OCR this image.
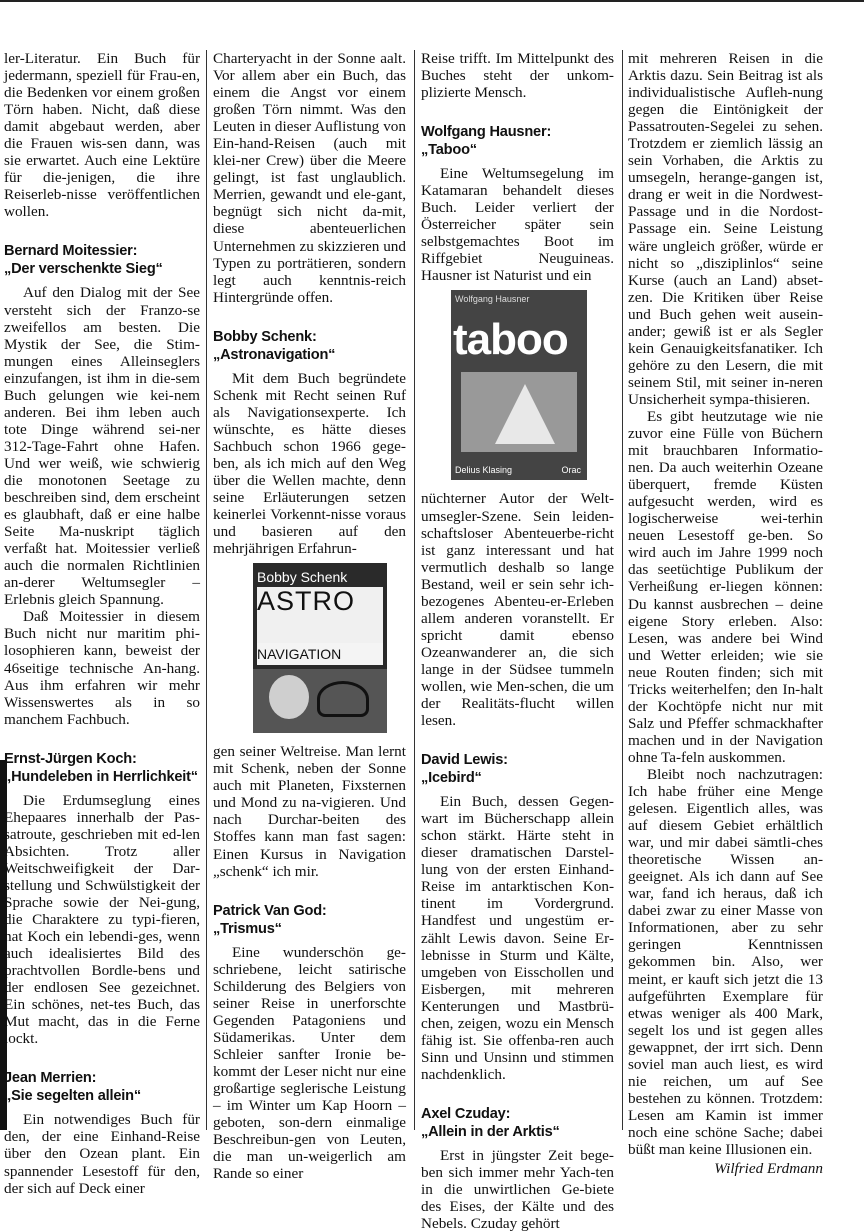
ler-Literatur. Ein Buch für jedermann, speziell für Frau-en, die Bedenken vor einem großen Törn haben. Nicht, daß diese damit abgebaut werden, aber die Frauen wis-sen dann, was sie erwartet. Auch eine Lektüre für die-jenigen, die ihre Reiserleb-nisse veröffentlichen wollen.

Bernard Moitessier:
„Der verschenkte Sieg“

Auf den Dialog mit der See versteht sich der Franzo-se zweifellos am besten. Die Mystik der See, die Stim-mungen eines Alleinseglers einzufangen, ist ihm in die-sem Buch gelungen wie kei-nem anderen. Bei ihm leben auch tote Dinge während sei-ner 312-Tage-Fahrt ohne Hafen. Und wer weiß, wie schwierig die monotonen Seetage zu beschreiben sind, dem erscheint es glaubhaft, daß er eine halbe Seite Ma-nuskript täglich verfaßt hat. Moitessier verließ auch die normalen Richtlinien an-derer Weltumsegler – Erlebnis gleich Spannung.

Daß Moitessier in diesem Buch nicht nur maritim phi-losophieren kann, beweist der 46seitige technische An-hang. Aus ihm erfahren wir mehr Wissenswertes als in so manchem Fachbuch.

Ernst-Jürgen Koch:
„Hundeleben in Herrlichkeit“

Die Erdumseglung eines Ehepaares innerhalb der Pas-satroute, geschrieben mit ed-len Absichten. Trotz aller Weitschweifigkeit der Dar-stellung und Schwülstigkeit der Sprache sowie der Nei-gung, die Charaktere zu typi-fieren, hat Koch ein lebendi-ges, wenn auch idealisiertes Bild des prachtvollen Bordle-bens und der endlosen See gezeichnet. Ein schönes, net-tes Buch, das Mut macht, das in die Ferne lockt.

Jean Merrien:
„Sie segelten allein“

Ein notwendiges Buch für den, der eine Einhand-Reise über den Ozean plant. Ein spannender Lesestoff für den, der sich auf Deck einer

Charteryacht in der Sonne aalt. Vor allem aber ein Buch, das einem die Angst vor einem großen Törn nimmt. Was den Leuten in dieser Auflistung von Ein-hand-Reisen (auch mit klei-ner Crew) über die Meere gelingt, ist fast unglaublich. Merrien, gewandt und ele-gant, begnügt sich nicht da-mit, diese abenteuerlichen Unternehmen zu skizzieren und Typen zu porträtieren, sondern legt auch kenntnis-reich Hintergründe offen.

Bobby Schenk:
„Astronavigation“

Mit dem Buch begründete Schenk mit Recht seinen Ruf als Navigationsexperte. Ich wünschte, es hätte dieses Sachbuch schon 1966 gege-ben, als ich mich auf den Weg über die Wellen machte, denn seine Erläuterungen setzen keinerlei Vorkennt-nisse voraus und basieren auf den mehrjährigen Erfahrun-

Bobby Schenk
ASTRO
NAVIGATION

gen seiner Weltreise. Man lernt mit Schenk, neben der Sonne auch mit Planeten, Fixsternen und Mond zu na-vigieren. Und nach Durchar-beiten des Stoffes kann man fast sagen: Einen Kursus in Navigation „schenk“ ich mir.

Patrick Van God:
„Trismus“

Eine wunderschön ge-schriebene, leicht satirische Schilderung des Belgiers von seiner Reise in unerforschte Gegenden Patagoniens und Südamerikas. Unter dem Schleier sanfter Ironie be-kommt der Leser nicht nur eine großartige seglerische Leistung – im Winter um Kap Hoorn – geboten, son-dern einmalige Beschreibun-gen von Leuten, die man un-weigerlich am Rande so einer

Reise trifft. Im Mittelpunkt des Buches steht der unkom-plizierte Mensch.

Wolfgang Hausner:
„Taboo“

Eine Weltumsegelung im Katamaran behandelt dieses Buch. Leider verliert der Österreicher später sein selbstgemachtes Boot im Riffgebiet Neuguineas. Hausner ist Naturist und ein

Wolfgang Hausner
taboo
Delius Klasing	Orac

nüchterner Autor der Welt-umsegler-Szene. Sein leiden-schaftsloser Abenteuerbe-richt ist ganz interessant und hat vermutlich deshalb so lange Bestand, weil er sein sehr ich-bezogenes Abenteu-er-Erleben allem anderen voranstellt. Er spricht damit ebenso Ozeanwanderer an, die sich lange in der Südsee tummeln wollen, wie Men-schen, die um der Realitäts-flucht willen lesen.

David Lewis:
„Icebird“

Ein Buch, dessen Gegen-wart im Bücherschapp allein schon stärkt. Härte steht in dieser dramatischen Darstel-lung von der ersten Einhand-Reise im antarktischen Kon-tinent im Vordergrund. Handfest und ungestüm er-zählt Lewis davon. Seine Er-lebnisse in Sturm und Kälte, umgeben von Eisschollen und Eisbergen, mit mehreren Kenterungen und Mastbrü-chen, zeigen, wozu ein Mensch fähig ist. Sie offenba-ren auch Sinn und Unsinn und stimmen nachdenklich.

Axel Czuday:
„Allein in der Arktis“

Erst in jüngster Zeit bege-ben sich immer mehr Yach-ten in die unwirtlichen Ge-biete des Eises, der Kälte und des Nebels. Czuday gehört

mit mehreren Reisen in die Arktis dazu. Sein Beitrag ist als individualistische Aufleh-nung gegen die Eintönigkeit der Passatrouten-Segelei zu sehen. Trotzdem er ziemlich lässig an sein Vorhaben, die Arktis zu umsegeln, herange-gangen ist, drang er weit in die Nordwest-Passage und in die Nordost-Passage ein. Seine Leistung wäre ungleich größer, würde er nicht so „disziplinlos“ seine Kurse (auch an Land) abset-zen. Die Kritiken über Reise und Buch gehen weit ausein-ander; gewiß ist er als Segler kein Genauigkeitsfanatiker. Ich gehöre zu den Lesern, die mit seinem Stil, mit seiner in-neren Unsicherheit sympa-thisieren.

Es gibt heutzutage wie nie zuvor eine Fülle von Büchern mit brauchbaren Informatio-nen. Da auch weiterhin Ozeane überquert, fremde Küsten aufgesucht werden, wird es logischerweise wei-terhin neuen Lesestoff ge-ben. So wird auch im Jahre 1999 noch das seetüchtige Publikum der Verheißung er-liegen können: Du kannst ausbrechen – deine eigene Story erleben. Also: Lesen, was andere bei Wind und Wetter erleiden; wie sie neue Routen finden; sich mit Tricks weiterhelfen; den In-halt der Kochtöpfe nicht nur mit Salz und Pfeffer schmackhafter machen und in der Navigation ohne Ta-feln auskommen.

Bleibt noch nachzutragen: Ich habe früher eine Menge gelesen. Eigentlich alles, was auf diesem Gebiet erhältlich war, und mir dabei sämtli-ches theoretische Wissen an-geeignet. Als ich dann auf See war, fand ich heraus, daß ich dabei zwar zu einer Masse von Informationen, aber zu sehr geringen Kenntnissen gekommen bin. Also, wer meint, er kauft sich jetzt die 13 aufgeführten Exemplare für etwas weniger als 400 Mark, segelt los und ist gegen alles gewappnet, der irrt sich. Denn soviel man auch liest, es wird nie reichen, um auf See bestehen zu können. Trotzdem: Lesen am Kamin ist immer noch eine schöne Sache; dabei büßt man keine Illusionen ein.

Wilfried Erdmann
